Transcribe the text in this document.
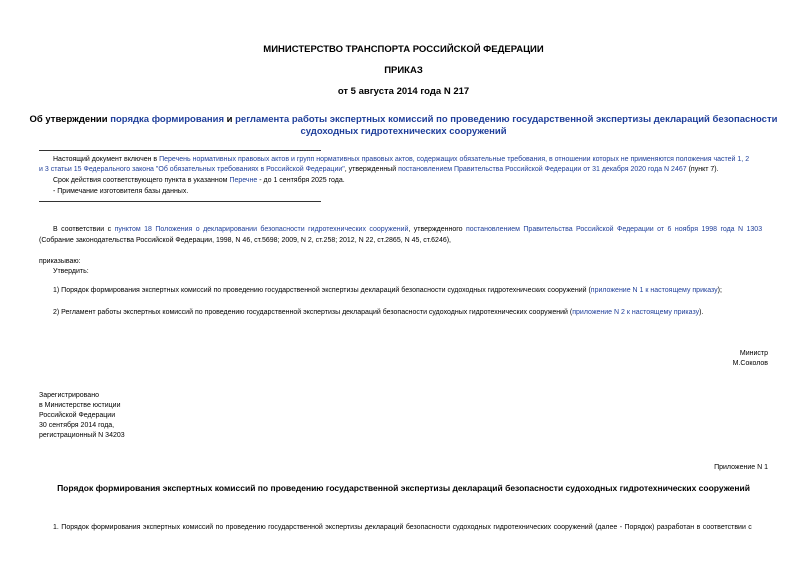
МИНИСТЕРСТВО ТРАНСПОРТА РОССИЙСКОЙ ФЕДЕРАЦИИ
ПРИКАЗ
от 5 августа 2014 года N 217
Об утверждении порядка формирования и регламента работы экспертных комиссий по проведению государственной экспертизы деклараций безопасности
судоходных гидротехнических сооружений
Настоящий документ включен в Перечень нормативных правовых актов и групп нормативных правовых актов, содержащих обязательные требования, в отношении которых не применяются положения частей 1, 2
и 3 статьи 15 Федерального закона "Об обязательных требованиях в Российской Федерации", утвержденный постановлением Правительства Российской Федерации от 31 декабря 2020 года N 2467 (пункт 7).
Срок действия соответствующего пункта в указанном Перечне - до 1 сентября 2025 года.
- Примечание изготовителя базы данных.
В соответствии с пунктом 18 Положения о декларировании безопасности гидротехнических сооружений, утвержденного постановлением Правительства Российской Федерации от 6 ноября 1998 года N 1303
(Собрание законодательства Российской Федерации, 1998, N 46, ст.5698; 2009, N 2, ст.258; 2012, N 22, ст.2865, N 45, ст.6246),
приказываю:
Утвердить:
1) Порядок формирования экспертных комиссий по проведению государственной экспертизы деклараций безопасности судоходных гидротехнических сооружений (приложение N 1 к настоящему приказу);
2) Регламент работы экспертных комиссий по проведению государственной экспертизы деклараций безопасности судоходных гидротехнических сооружений (приложение N 2 к настоящему приказу).
Министр
М.Соколов
Зарегистрировано
в Министерстве юстиции
Российской Федерации
30 сентября 2014 года,
регистрационный N 34203
Приложение N 1
Порядок формирования экспертных комиссий по проведению государственной экспертизы деклараций безопасности судоходных гидротехнических сооружений
1. Порядок формирования экспертных комиссий по проведению государственной экспертизы деклараций безопасности судоходных гидротехнических сооружений (далее - Порядок) разработан в соответствии с
